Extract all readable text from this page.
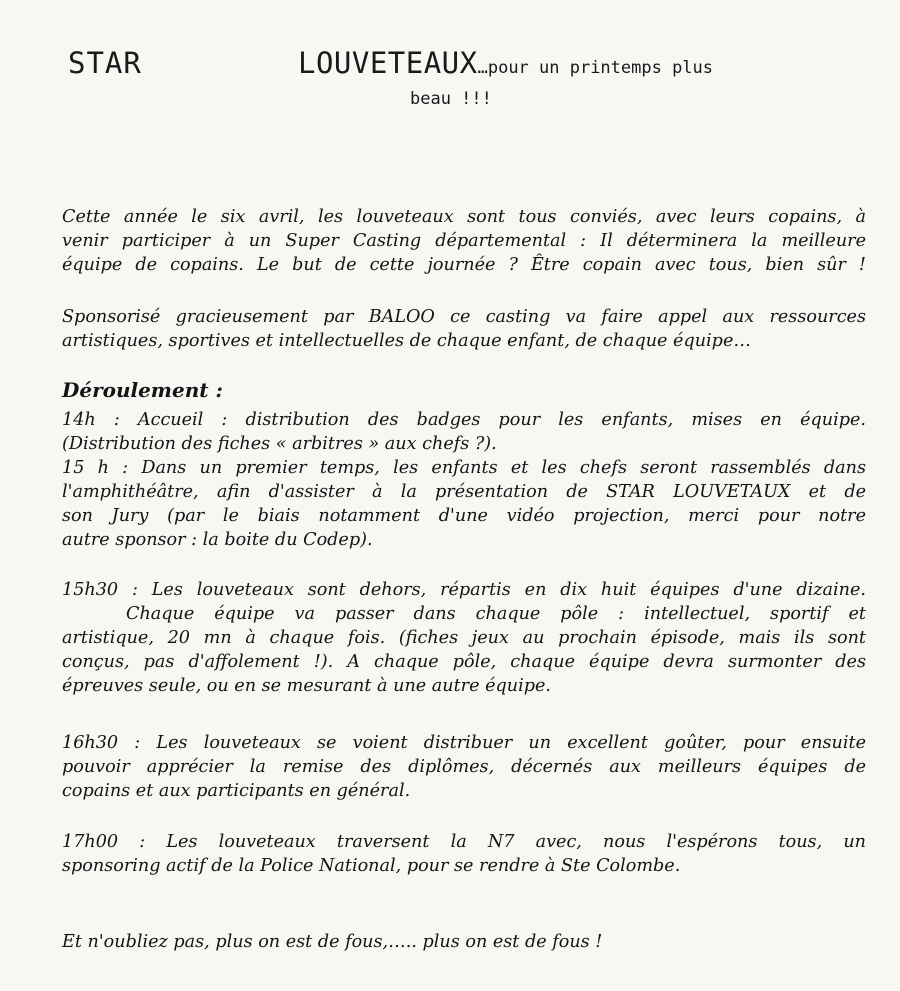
STAR	LOUVETEAUX…pour un printemps plus
beau !!!
Cette année le six avril, les louveteaux sont tous conviés, avec leurs copains, à
venir participer à un Super Casting départemental : Il déterminera la meilleure
équipe de copains. Le but de cette journée ? Être copain avec tous, bien sûr !
Sponsorisé gracieusement par BALOO ce casting va faire appel aux ressources
artistiques, sportives et intellectuelles de chaque enfant, de chaque équipe…
Déroulement :
14h : Accueil : distribution des badges pour les enfants, mises en équipe.
(Distribution des fiches « arbitres » aux chefs ?).
15 h : Dans un premier temps, les enfants et les chefs seront rassemblés dans
l'amphithéâtre, afin d'assister à la présentation de STAR LOUVETAUX et de
son Jury (par le biais notamment d'une vidéo projection, merci pour notre
autre sponsor : la boite du Codep).
15h30 : Les louveteaux sont dehors, répartis en dix huit équipes d'une dizaine.
Chaque équipe va passer dans chaque pôle : intellectuel, sportif et
artistique, 20 mn à chaque fois. (fiches jeux au prochain épisode, mais ils sont
conçus, pas d'affolement !). A chaque pôle, chaque équipe devra surmonter des
épreuves seule, ou en se mesurant à une autre équipe.
16h30 : Les louveteaux se voient distribuer un excellent goûter, pour ensuite
pouvoir apprécier la remise des diplômes, décernés aux meilleurs équipes de
copains et aux participants en général.
17h00 : Les louveteaux traversent la N7 avec, nous l'espérons tous, un
sponsoring actif de la Police National, pour se rendre à Ste Colombe.
Et n'oubliez pas, plus on est de fous,….. plus on est de fous !
